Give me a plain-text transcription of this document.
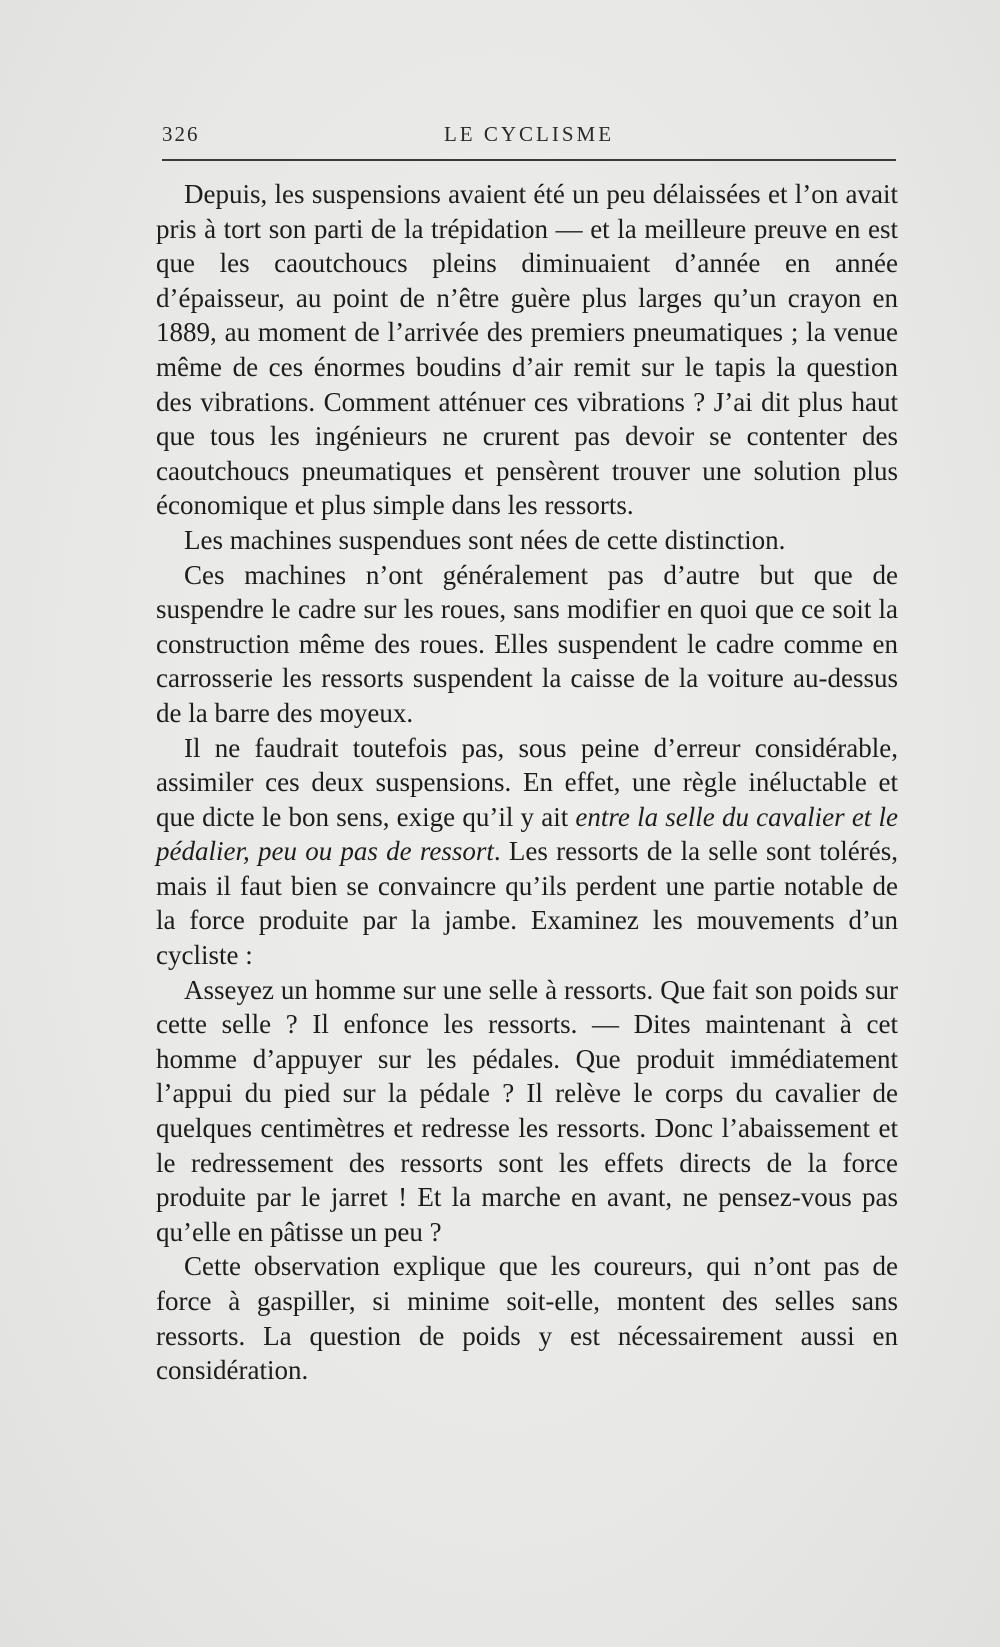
326	LE CYCLISME

Depuis, les suspensions avaient été un peu délaissées et l’on avait pris à tort son parti de la trépidation — et la meilleure preuve en est que les caoutchoucs pleins diminuaient d’année en année d’épaisseur, au point de n’être guère plus larges qu’un crayon en 1889, au moment de l’arrivée des premiers pneumatiques ; la venue même de ces énormes boudins d’air remit sur le tapis la question des vibrations. Comment atténuer ces vibrations ? J’ai dit plus haut que tous les ingénieurs ne crurent pas devoir se contenter des caoutchoucs pneumatiques et pensèrent trouver une solution plus économique et plus simple dans les ressorts.

Les machines suspendues sont nées de cette distinction.

Ces machines n’ont généralement pas d’autre but que de suspendre le cadre sur les roues, sans modifier en quoi que ce soit la construction même des roues. Elles suspendent le cadre comme en carrosserie les ressorts suspendent la caisse de la voiture au-dessus de la barre des moyeux.

Il ne faudrait toutefois pas, sous peine d’erreur considérable, assimiler ces deux suspensions. En effet, une règle inéluctable et que dicte le bon sens, exige qu’il y ait entre la selle du cavalier et le pédalier, peu ou pas de ressort. Les ressorts de la selle sont tolérés, mais il faut bien se convaincre qu’ils perdent une partie notable de la force produite par la jambe. Examinez les mouvements d’un cycliste :

Asseyez un homme sur une selle à ressorts. Que fait son poids sur cette selle ? Il enfonce les ressorts. — Dites maintenant à cet homme d’appuyer sur les pédales. Que produit immédiatement l’appui du pied sur la pédale ? Il relève le corps du cavalier de quelques centimètres et redresse les ressorts. Donc l’abaissement et le redressement des ressorts sont les effets directs de la force produite par le jarret ! Et la marche en avant, ne pensez-vous pas qu’elle en pâtisse un peu ?

Cette observation explique que les coureurs, qui n’ont pas de force à gaspiller, si minime soit-elle, montent des selles sans ressorts. La question de poids y est nécessairement aussi en considération.
